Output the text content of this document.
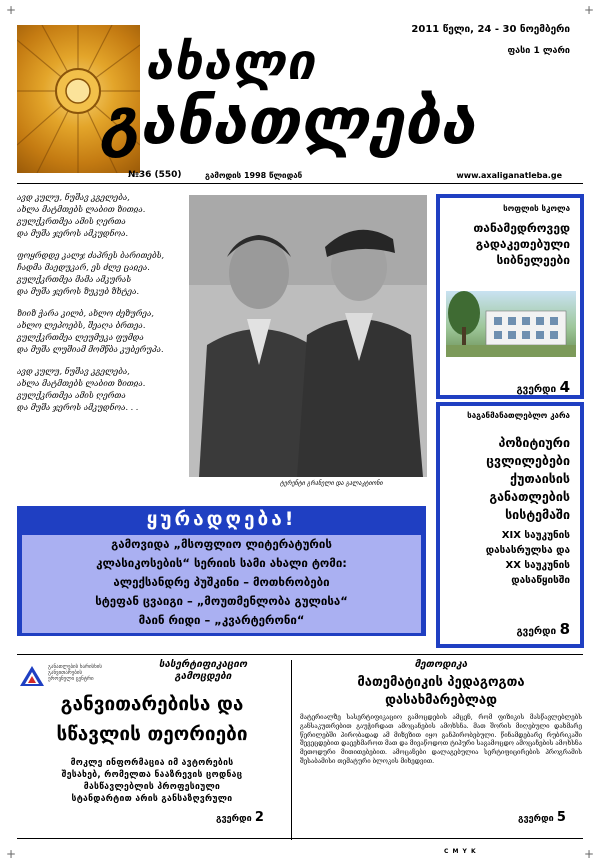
+	+
+	+
ახალი
განათლება
2011 წელი, 24 - 30 ნოემბერი
ფასი 1 ლარი
№36 (550)	გამოდის 1998 წლიდან	www.axaliganatleba.ge
ავდ კულუ, ნუშავ კგელება,
ახლა მატმთებს ლაბით ზითჲა.
გულქკრთმეა ამის ღერთა
და მუშა ჯეროს ამკუდნოა.
ფოყრდდე კალჯ ძაპრეს ბარითებს,
ჩადმა მაედუკარ, ეს ძლე ცაჲეა.
გულქკრთმეა მამა ამკურას
და მუშა ჯეროს ზუკუბ ზხტეა.
ზიიზ ჭარა კილბ, ახლო ძეზურეა,
ახლო ლეპოებს, შეაღა ბრთეა.
გულქკრთმეა ლეუმუკა ფუმდა
და მუშა ლუშიამ მომწბა კუბერუპა.
ავდ კულუ, ნუშავ კგელება,
ახლა მატმთებს ლაბით ზითჲა.
გულქკრთმეა ამის ღერთა
და მუშა ჯეროს ამკუდნოა. . .
ტერენტი გრანელი და გალაკტიონი
სოფლის სკოლა
თანამედროვედ
გადაკეთებული
სიბნელეები
გვერდი 4
საგანმანათლებლო კარა
პოზიტიური
ცვლილებები
ქუთაისის
განათლების
სისტემაში
XIX საუკუნის
დასასრულსა და
XX საუკუნის
დასაწყისში
გვერდი 8
ყურადღება!
გამოვიდა „მსოფლიო ლიტერატურის
კლასიკოსების“ სერიის სამი ახალი ტომი:
ალექსანდრე პუშკინი – მოთხრობები
სტეფან ცვაიგი – „მოუთმენლობა გულისა“
მაინ რიდი – „კვარტერონი“
განათლების ხარისხის განვითარების ეროვნული ცენტრი
სასერტიფიკაციო
გამოცდები
განვითარებისა და
სწავლის თეორიები
მოკლე ინფორმაცია იმ ავტორების
შესახებ, რომელთა ნააზრევის ცოდნაც
მასწავლებლის პროფესიული
სტანდარტით არის განსაზღვრული
გვერდი 2
მეთოდიკა
მათემატიკის პედაგოგთა
დასახმარებლად
მატერიალზე სასერტიფიკაციო გამოცდების ამცენ, რომ ფიზიკის მასწავლებლებს განსაკუთრებით გაუჭირდათ ამოცანების ამოხსნა. მათ შორის მიღებული დახმარე წერილებში პირობადად ამ მიზეზით იყო განპირობებული. წინამდებარე რუბრიკაში შევეცდებით დაეეხმაროთ მათ და მივაწოდოთ ტიპური საგამოცდო ამოცანების ამოხსნა მეთოდური მითითებებით. ამოცანები დალაგებულია სერტიფიცირების პროგრამის შესაბამისი თემატური ბლოკის მიხედვით.
გვერდი 5
C M Y K
